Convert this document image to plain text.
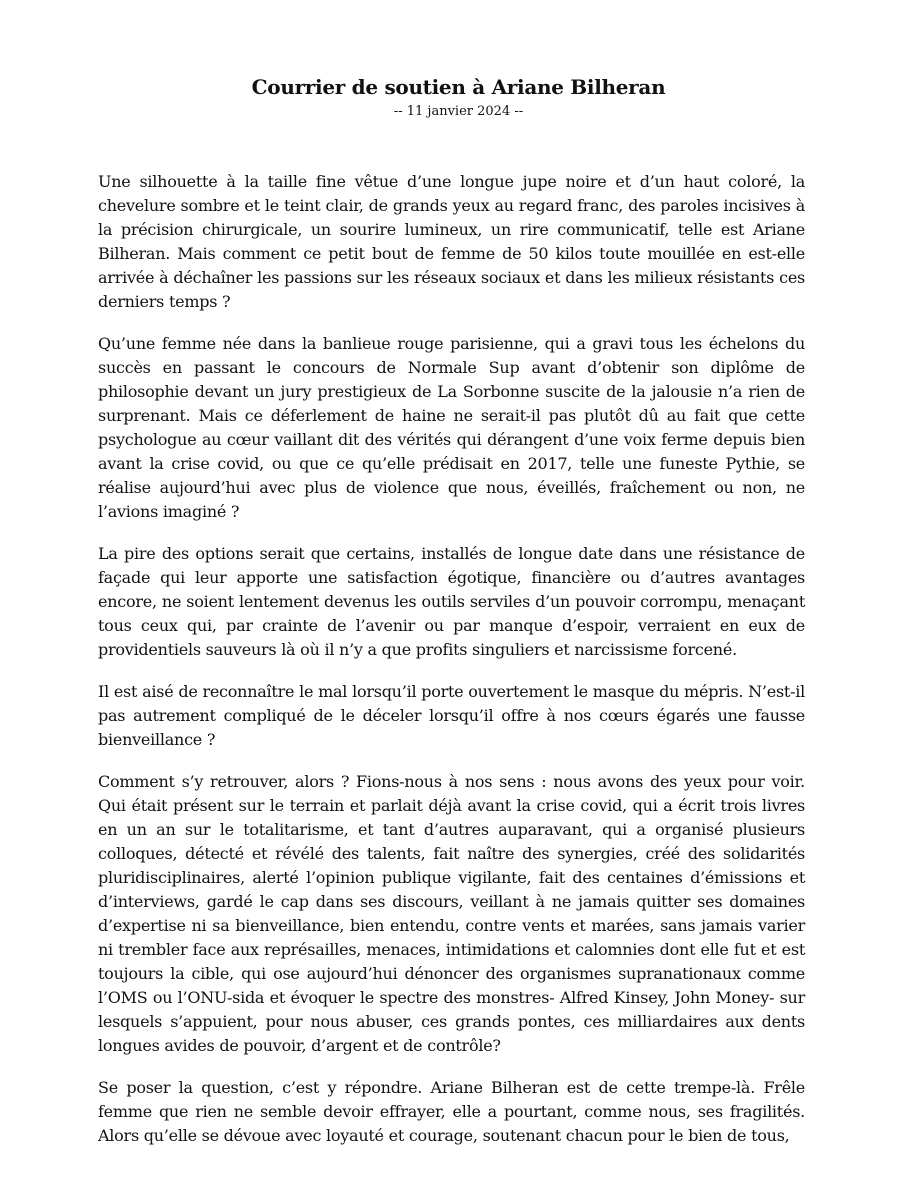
Courrier de soutien à Ariane Bilheran
-- 11 janvier 2024 --

Une silhouette à la taille fine vêtue d’une longue jupe noire et d’un haut coloré, la chevelure sombre et le teint clair, de grands yeux au regard franc, des paroles incisives à la précision chirurgicale, un sourire lumineux, un rire communicatif, telle est Ariane Bilheran. Mais comment ce petit bout de femme de 50 kilos toute mouillée en est-elle arrivée à déchaîner les passions sur les réseaux sociaux et dans les milieux résistants ces derniers temps ?

Qu’une femme née dans la banlieue rouge parisienne, qui a gravi tous les échelons du succès en passant le concours de Normale Sup avant d’obtenir son diplôme de philosophie devant un jury prestigieux de La Sorbonne suscite de la jalousie n’a rien de surprenant. Mais ce déferlement de haine ne serait-il pas plutôt dû au fait que cette psychologue au cœur vaillant dit des vérités qui dérangent d’une voix ferme depuis bien avant la crise covid, ou que ce qu’elle prédisait en 2017, telle une funeste Pythie, se réalise aujourd’hui avec plus de violence que nous, éveillés, fraîchement ou non, ne l’avions imaginé ?

La pire des options serait que certains, installés de longue date dans une résistance de façade qui leur apporte une satisfaction égotique, financière ou d’autres avantages encore, ne soient lentement devenus les outils serviles d’un pouvoir corrompu, menaçant tous ceux qui, par crainte de l’avenir ou par manque d’espoir, verraient en eux de providentiels sauveurs là où il n’y a que profits singuliers et narcissisme forcené.

Il est aisé de reconnaître le mal lorsqu’il porte ouvertement le masque du mépris. N’est-il pas autrement compliqué de le déceler lorsqu’il offre à nos cœurs égarés une fausse bienveillance ?

Comment s’y retrouver, alors ? Fions-nous à nos sens : nous avons des yeux pour voir. Qui était présent sur le terrain et parlait déjà avant la crise covid, qui a écrit trois livres en un an sur le totalitarisme, et tant d’autres auparavant, qui a organisé plusieurs colloques, détecté et révélé des talents, fait naître des synergies, créé des solidarités pluridisciplinaires, alerté l’opinion publique vigilante, fait des centaines d’émissions et d’interviews, gardé le cap dans ses discours, veillant à ne jamais quitter ses domaines d’expertise ni sa bienveillance, bien entendu, contre vents et marées, sans jamais varier ni trembler face aux représailles, menaces, intimidations et calomnies dont elle fut et est toujours la cible, qui ose aujourd’hui dénoncer des organismes supranationaux comme l’OMS ou l’ONU-sida et évoquer le spectre des monstres- Alfred Kinsey, John Money- sur lesquels s’appuient, pour nous abuser, ces grands pontes, ces milliardaires aux dents longues avides de pouvoir, d’argent et de contrôle?

Se poser la question, c’est y répondre. Ariane Bilheran est de cette trempe-là. Frêle femme que rien ne semble devoir effrayer, elle a pourtant, comme nous, ses fragilités. Alors qu’elle se dévoue avec loyauté et courage, soutenant chacun pour le bien de tous,
